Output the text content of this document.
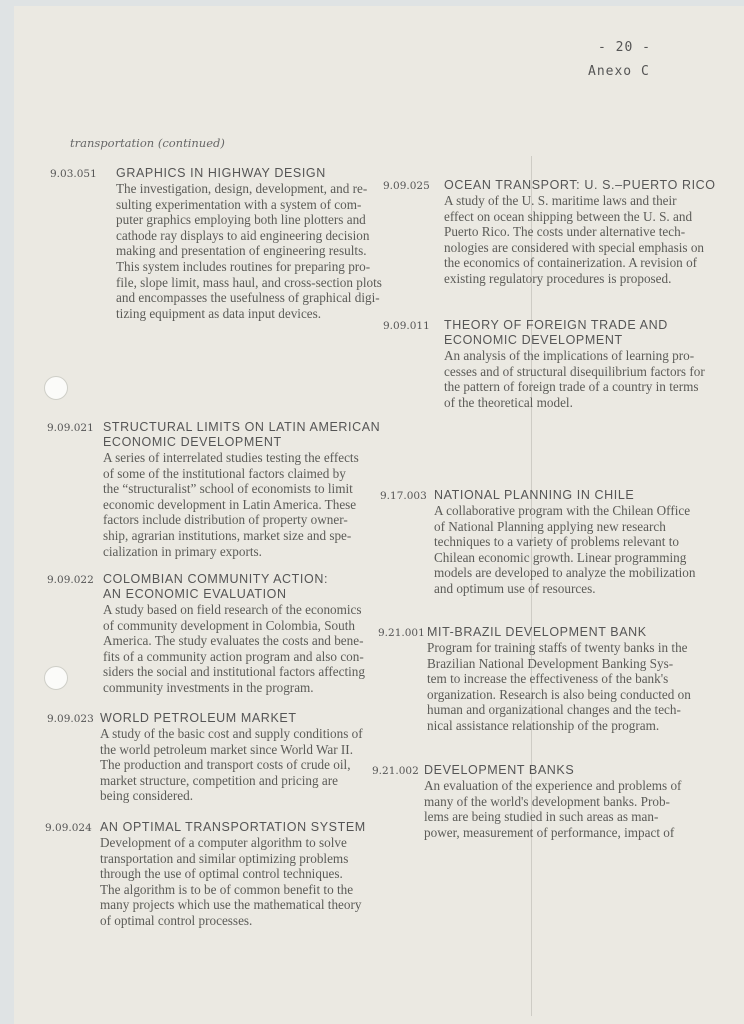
- 20 -
Anexo C
transportation (continued)
9.03.051 GRAPHICS IN HIGHWAY DESIGN
The investigation, design, development, and re-
sulting experimentation with a system of com-
puter graphics employing both line plotters and
cathode ray displays to aid engineering decision
making and presentation of engineering results.
This system includes routines for preparing pro-
file, slope limit, mass haul, and cross-section plots
and encompasses the usefulness of graphical digi-
tizing equipment as data input devices.
9.09.021 STRUCTURAL LIMITS ON LATIN AMERICAN
ECONOMIC DEVELOPMENT
A series of interrelated studies testing the effects
of some of the institutional factors claimed by
the “structuralist” school of economists to limit
economic development in Latin America. These
factors include distribution of property owner-
ship, agrarian institutions, market size and spe-
cialization in primary exports.
9.09.022 COLOMBIAN COMMUNITY ACTION:
AN ECONOMIC EVALUATION
A study based on field research of the economics
of community development in Colombia, South
America. The study evaluates the costs and bene-
fits of a community action program and also con-
siders the social and institutional factors affecting
community investments in the program.
9.09.023 WORLD PETROLEUM MARKET
A study of the basic cost and supply conditions of
the world petroleum market since World War II.
The production and transport costs of crude oil,
market structure, competition and pricing are
being considered.
9.09.024 AN OPTIMAL TRANSPORTATION SYSTEM
Development of a computer algorithm to solve
transportation and similar optimizing problems
through the use of optimal control techniques.
The algorithm is to be of common benefit to the
many projects which use the mathematical theory
of optimal control processes.
9.09.025 OCEAN TRANSPORT: U. S.–PUERTO RICO
A study of the U. S. maritime laws and their
effect on ocean shipping between the U. S. and
Puerto Rico. The costs under alternative tech-
nologies are considered with special emphasis on
the economics of containerization. A revision of
existing regulatory procedures is proposed.
9.09.011 THEORY OF FOREIGN TRADE AND
ECONOMIC DEVELOPMENT
An analysis of the implications of learning pro-
cesses and of structural disequilibrium factors for
the pattern of foreign trade of a country in terms
of the theoretical model.
9.17.003 NATIONAL PLANNING IN CHILE
A collaborative program with the Chilean Office
of National Planning applying new research
techniques to a variety of problems relevant to
Chilean economic growth. Linear programming
models are developed to analyze the mobilization
and optimum use of resources.
9.21.001 MIT-BRAZIL DEVELOPMENT BANK
Program for training staffs of twenty banks in the
Brazilian National Development Banking Sys-
tem to increase the effectiveness of the bank's
organization. Research is also being conducted on
human and organizational changes and the tech-
nical assistance relationship of the program.
9.21.002 DEVELOPMENT BANKS
An evaluation of the experience and problems of
many of the world's development banks. Prob-
lems are being studied in such areas as man-
power, measurement of performance, impact of
